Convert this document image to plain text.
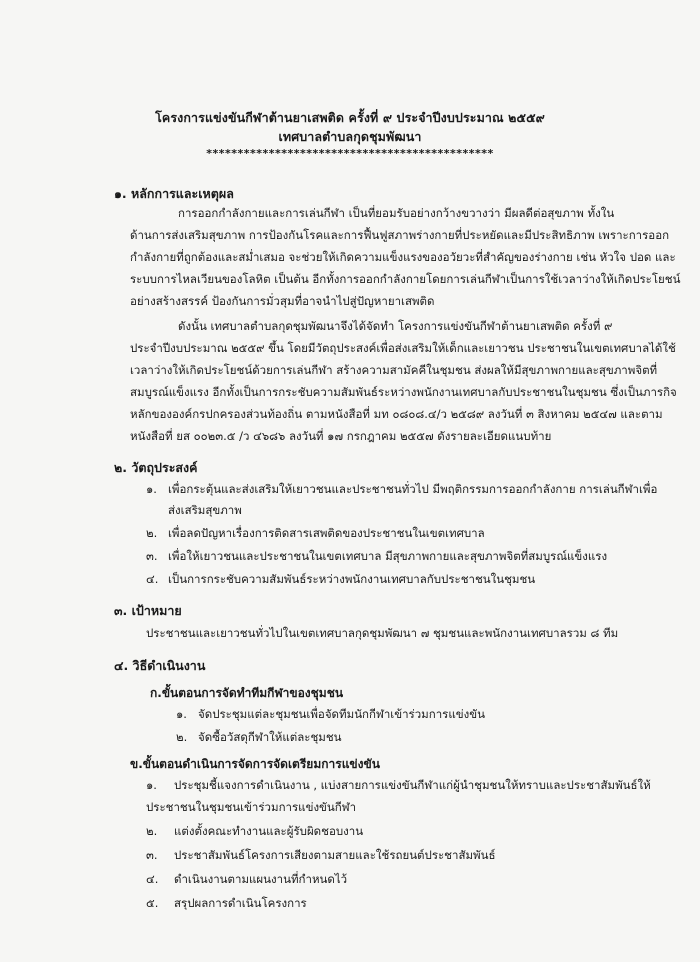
โครงการแข่งขันกีฬาต้านยาเสพติด ครั้งที่ ๙ ประจำปีงบประมาณ ๒๕๕๙
เทศบาลตำบลกุดชุมพัฒนา
**********************************************
๑. หลักการและเหตุผล
การออกกำลังกายและการเล่นกีฬา เป็นที่ยอมรับอย่างกว้างขวางว่า มีผลดีต่อสุขภาพ ทั้งใน
ด้านการส่งเสริมสุขภาพ การป้องกันโรคและการฟื้นฟูสภาพร่างกายที่ประหยัดและมีประสิทธิภาพ เพราะการออก
กำลังกายที่ถูกต้องและสม่ำเสมอ จะช่วยให้เกิดความแข็งแรงของอวัยวะที่สำคัญของร่างกาย เช่น หัวใจ ปอด และ
ระบบการไหลเวียนของโลหิต เป็นต้น อีกทั้งการออกกำลังกายโดยการเล่นกีฬาเป็นการใช้เวลาว่างให้เกิดประโยชน์
อย่างสร้างสรรค์ ป้องกันการมั่วสุมที่อาจนำไปสู่ปัญหายาเสพติด
ดังนั้น เทศบาลตำบลกุดชุมพัฒนาจึงได้จัดทำ โครงการแข่งขันกีฬาต้านยาเสพติด ครั้งที่ ๙
ประจำปีงบประมาณ ๒๕๕๙ ขึ้น โดยมีวัตถุประสงค์เพื่อส่งเสริมให้เด็กและเยาวชน ประชาชนในเขตเทศบาลได้ใช้
เวลาว่างให้เกิดประโยชน์ด้วยการเล่นกีฬา สร้างความสามัคคีในชุมชน ส่งผลให้มีสุขภาพกายและสุขภาพจิตที่
สมบูรณ์แข็งแรง อีกทั้งเป็นการกระชับความสัมพันธ์ระหว่างพนักงานเทศบาลกับประชาชนในชุมชน ซึ่งเป็นภารกิจ
หลักขององค์กรปกครองส่วนท้องถิ่น ตามหนังสือที่ มท ๐๘๐๘.๔/ว ๒๕๘๙ ลงวันที่ ๓ สิงหาคม ๒๕๔๗ และตาม
หนังสือที่ ยส ๐๐๒๓.๕ /ว ๔๖๘๖ ลงวันที่ ๑๗ กรกฎาคม ๒๕๕๗ ดังรายละเอียดแนบท้าย
๒. วัตถุประสงค์
๑. เพื่อกระตุ้นและส่งเสริมให้เยาวชนและประชาชนทั่วไป มีพฤติกรรมการออกกำลังกาย การเล่นกีฬาเพื่อ
ส่งเสริมสุขภาพ
๒. เพื่อลดปัญหาเรื่องการติดสารเสพติดของประชาชนในเขตเทศบาล
๓. เพื่อให้เยาวชนและประชาชนในเขตเทศบาล มีสุขภาพกายและสุขภาพจิตที่สมบูรณ์แข็งแรง
๔. เป็นการกระชับความสัมพันธ์ระหว่างพนักงานเทศบาลกับประชาชนในชุมชน
๓. เป้าหมาย
ประชาชนและเยาวชนทั่วไปในเขตเทศบาลกุดชุมพัฒนา ๗ ชุมชนและพนักงานเทศบาลรวม ๘ ทีม
๔. วิธีดำเนินงาน
ก.ขั้นตอนการจัดทำทีมกีฬาของชุมชน
๑. จัดประชุมแต่ละชุมชนเพื่อจัดทีมนักกีฬาเข้าร่วมการแข่งขัน
๒. จัดซื้อวัสดุกีฬาให้แต่ละชุมชน
ข.ขั้นตอนดำเนินการจัดการจัดเตรียมการแข่งขัน
๑. ประชุมชี้แจงการดำเนินงาน , แบ่งสายการแข่งขันกีฬาแก่ผู้นำชุมชนให้ทราบและประชาสัมพันธ์ให้
ประชาชนในชุมชนเข้าร่วมการแข่งขันกีฬา
๒. แต่งตั้งคณะทำงานและผู้รับผิดชอบงาน
๓. ประชาสัมพันธ์โครงการเสียงตามสายและใช้รถยนต์ประชาสัมพันธ์
๔. ดำเนินงานตามแผนงานที่กำหนดไว้
๕. สรุปผลการดำเนินโครงการ
